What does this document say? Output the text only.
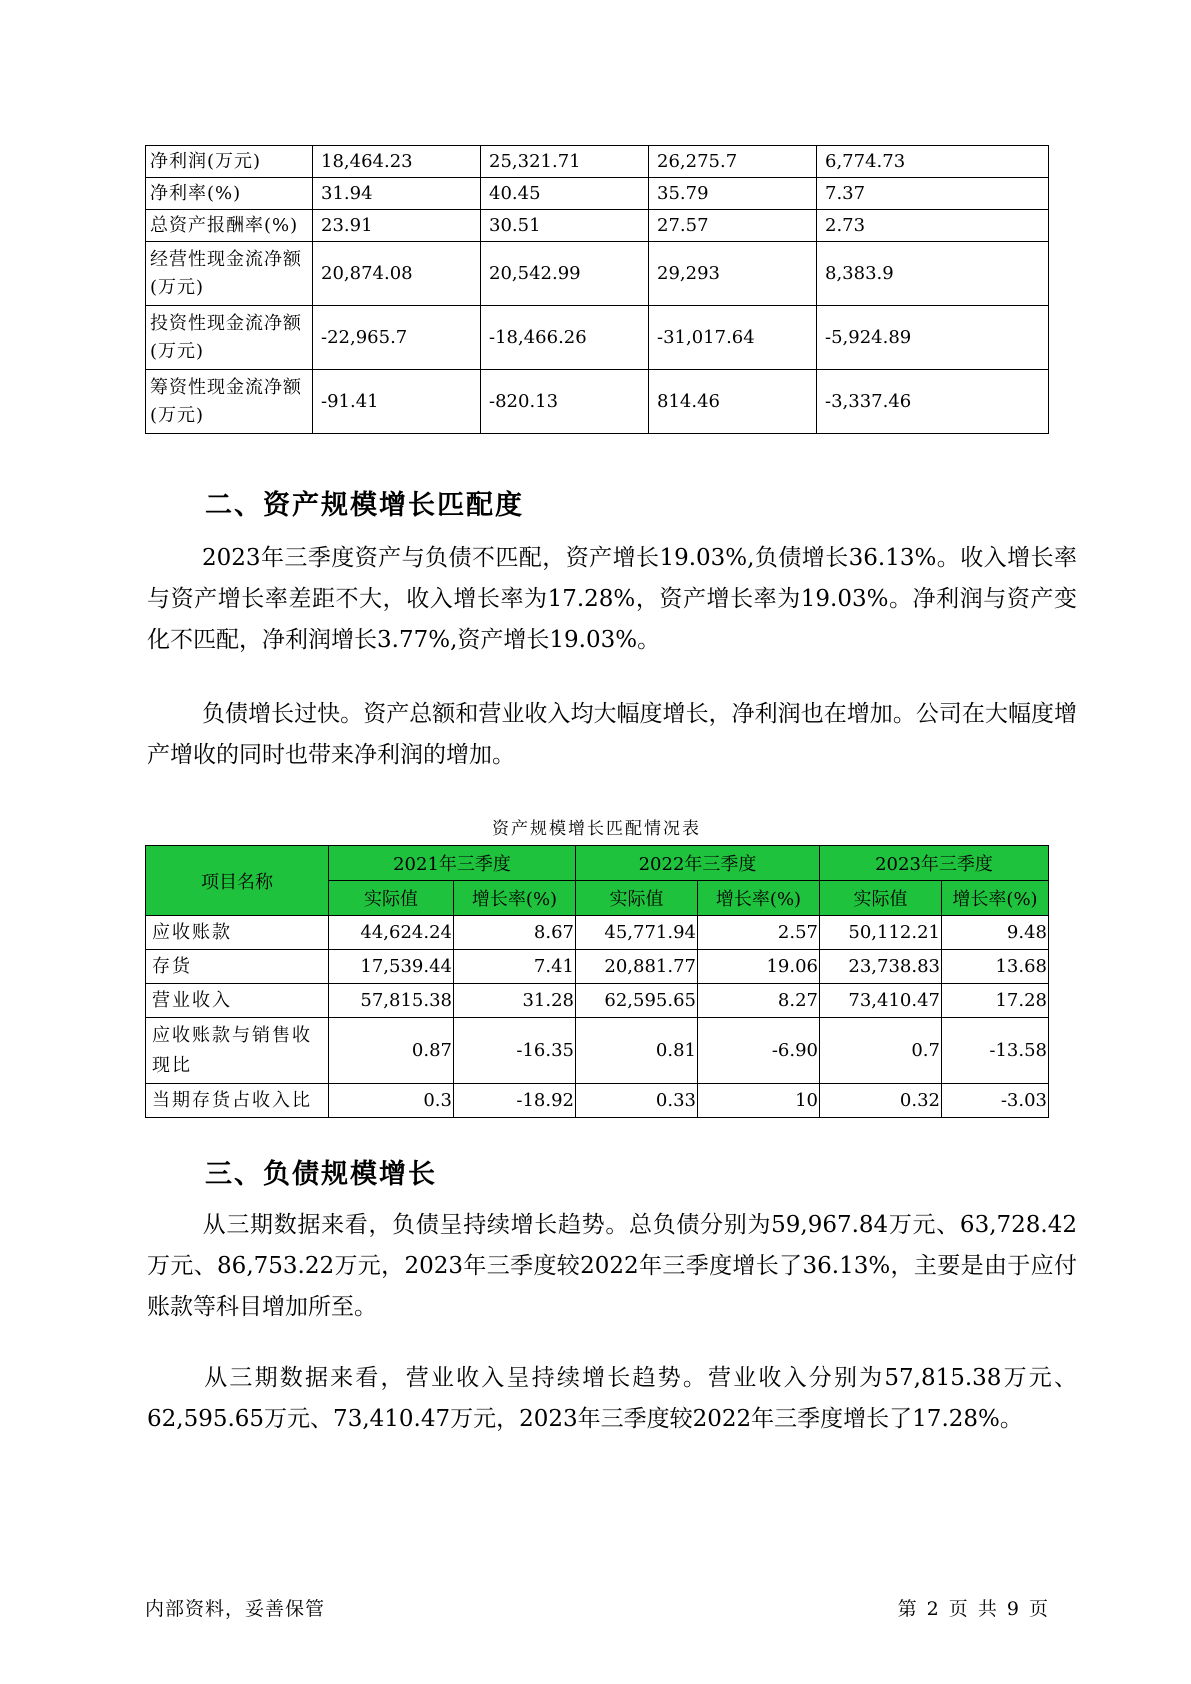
净利润(万元)	18,464.23	25,321.71	26,275.7	6,774.73
净利率(%)	31.94	40.45	35.79	7.37
总资产报酬率(%)	23.91	30.51	27.57	2.73
经营性现金流净额(万元)	20,874.08	20,542.99	29,293	8,383.9
投资性现金流净额(万元)	-22,965.7	-18,466.26	-31,017.64	-5,924.89
筹资性现金流净额(万元)	-91.41	-820.13	814.46	-3,337.46
二、资产规模增长匹配度
2023年三季度资产与负债不匹配，资产增长19.03%,负债增长36.13%。收入增长率与资产增长率差距不大，收入增长率为17.28%，资产增长率为19.03%。净利润与资产变化不匹配，净利润增长3.77%,资产增长19.03%。
负债增长过快。资产总额和营业收入均大幅度增长，净利润也在增加。公司在大幅度增产增收的同时也带来净利润的增加。
资产规模增长匹配情况表
项目名称	2021年三季度		2022年三季度		2023年三季度	
	实际值	增长率(%)	实际值	增长率(%)	实际值	增长率(%)
应收账款	44,624.24	8.67	45,771.94	2.57	50,112.21	9.48
存货	17,539.44	7.41	20,881.77	19.06	23,738.83	13.68
营业收入	57,815.38	31.28	62,595.65	8.27	73,410.47	17.28
应收账款与销售收现比	0.87	-16.35	0.81	-6.90	0.7	-13.58
当期存货占收入比	0.3	-18.92	0.33	10	0.32	-3.03
三、负债规模增长
从三期数据来看，负债呈持续增长趋势。总负债分别为59,967.84万元、63,728.42万元、86,753.22万元，2023年三季度较2022年三季度增长了36.13%，主要是由于应付账款等科目增加所至。
从三期数据来看，营业收入呈持续增长趋势。营业收入分别为57,815.38万元、62,595.65万元、73,410.47万元，2023年三季度较2022年三季度增长了17.28%。
内部资料，妥善保管	第 2 页 共 9 页
